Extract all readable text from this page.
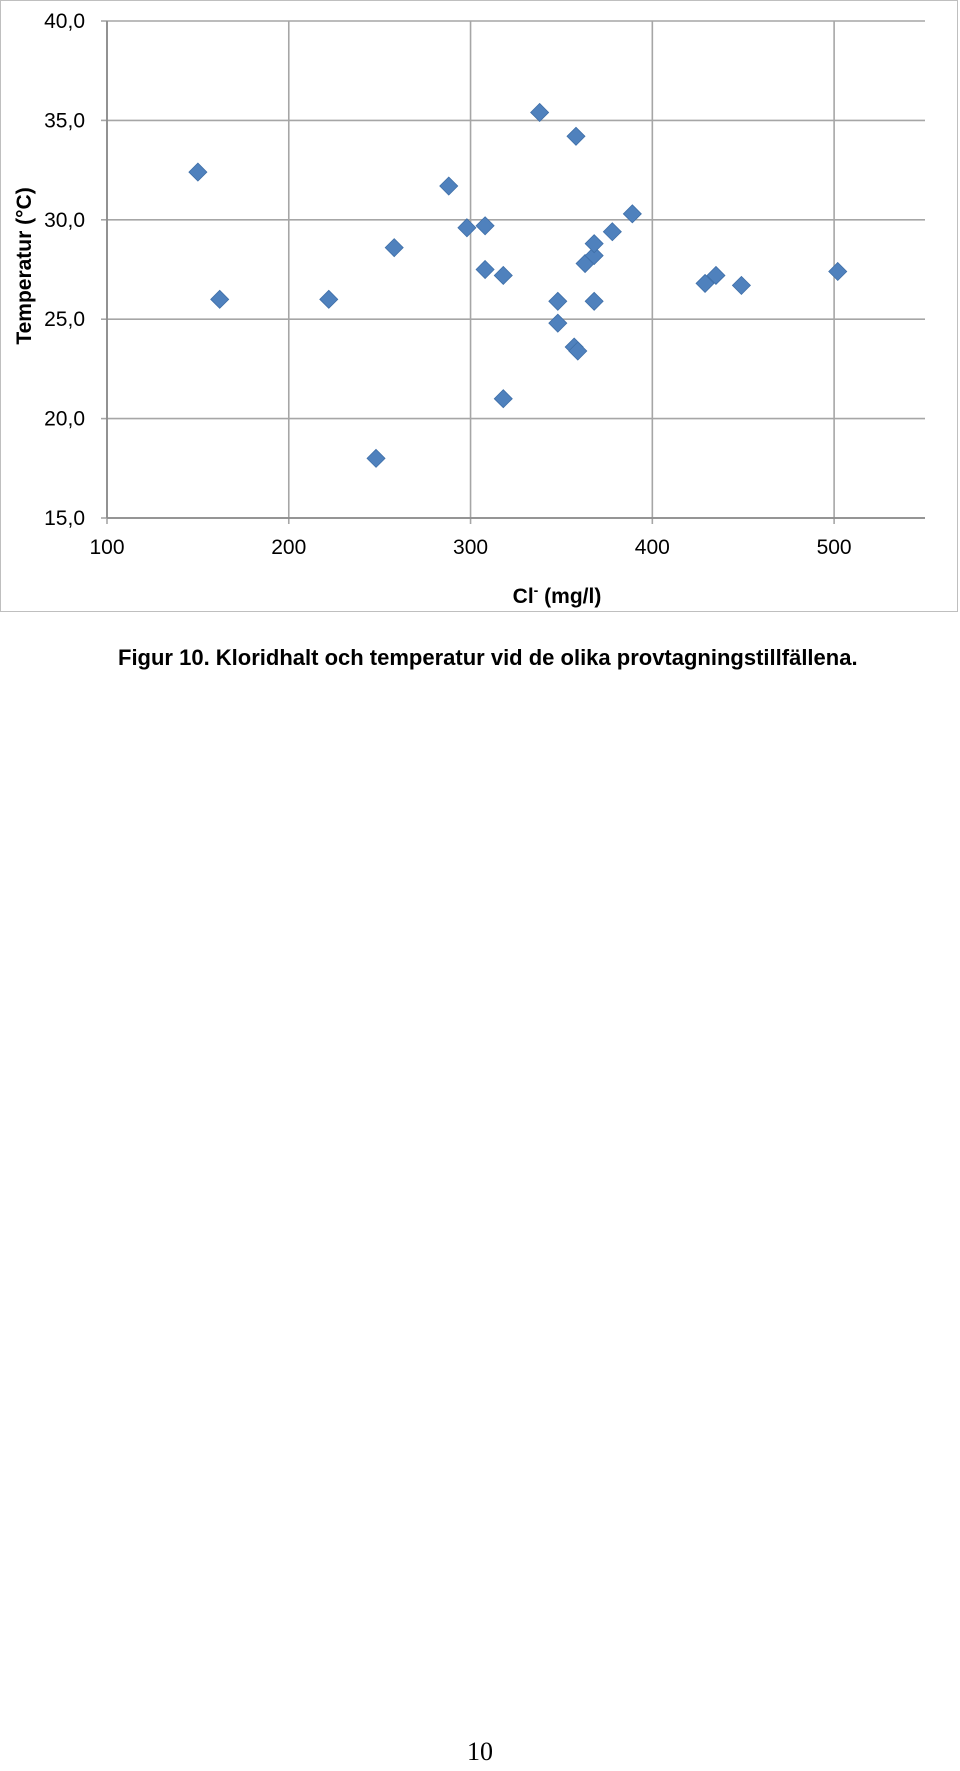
15,0
20,0
25,0
30,0
35,0
40,0
100	200	300	400	500
Temperatur (°C)
Cl- (mg/l)

Figur 10. Kloridhalt och temperatur vid de olika provtagningstillfällena.

10
